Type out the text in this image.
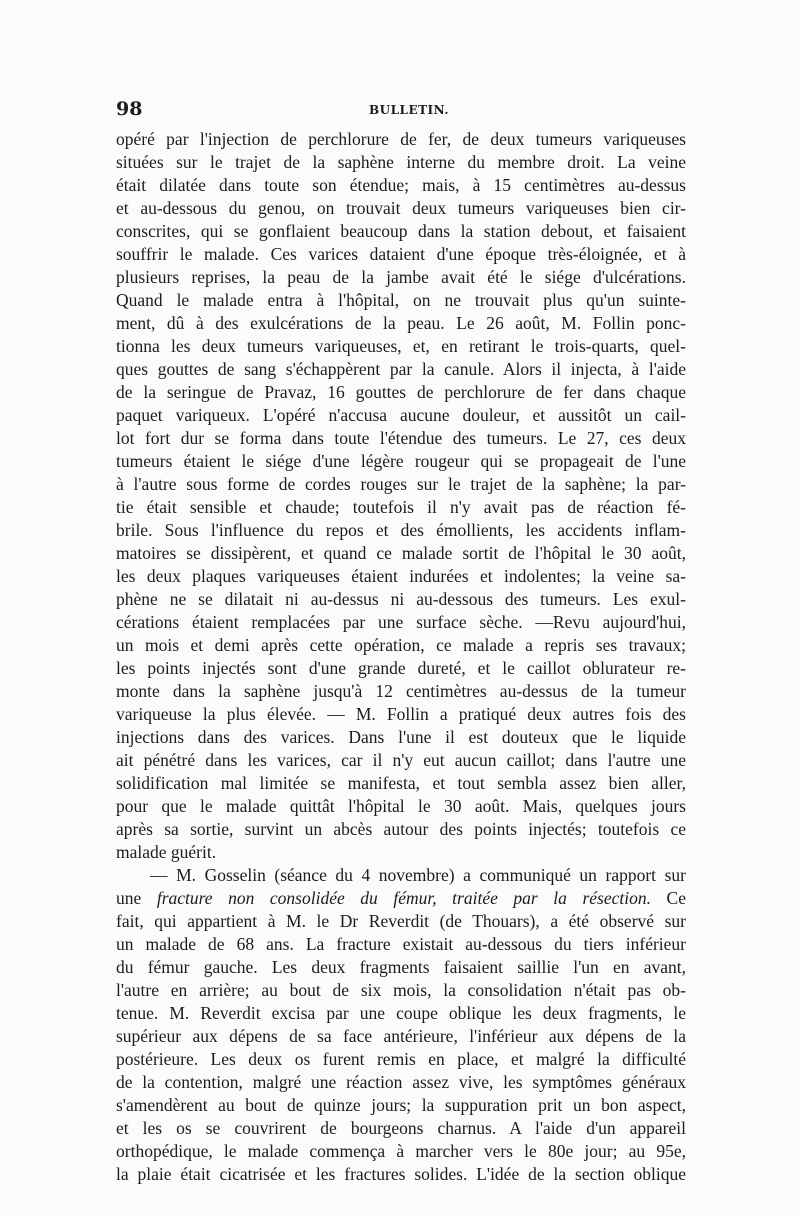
98	BULLETIN.
opéré par l'injection de perchlorure de fer, de deux tumeurs variqueuses
situées sur le trajet de la saphène interne du membre droit. La veine
était dilatée dans toute son étendue; mais, à 15 centimètres au-dessus
et au-dessous du genou, on trouvait deux tumeurs variqueuses bien cir-
conscrites, qui se gonflaient beaucoup dans la station debout, et faisaient
souffrir le malade. Ces varices dataient d'une époque très-éloignée, et à
plusieurs reprises, la peau de la jambe avait été le siége d'ulcérations.
Quand le malade entra à l'hôpital, on ne trouvait plus qu'un suinte-
ment, dû à des exulcérations de la peau. Le 26 août, M. Follin ponc-
tionna les deux tumeurs variqueuses, et, en retirant le trois-quarts, quel-
ques gouttes de sang s'échappèrent par la canule. Alors il injecta, à l'aide
de la seringue de Pravaz, 16 gouttes de perchlorure de fer dans chaque
paquet variqueux. L'opéré n'accusa aucune douleur, et aussitôt un cail-
lot fort dur se forma dans toute l'étendue des tumeurs. Le 27, ces deux
tumeurs étaient le siége d'une légère rougeur qui se propageait de l'une
à l'autre sous forme de cordes rouges sur le trajet de la saphène; la par-
tie était sensible et chaude; toutefois il n'y avait pas de réaction fé-
brile. Sous l'influence du repos et des émollients, les accidents inflam-
matoires se dissipèrent, et quand ce malade sortit de l'hôpital le 30 août,
les deux plaques variqueuses étaient indurées et indolentes; la veine sa-
phène ne se dilatait ni au-dessus ni au-dessous des tumeurs. Les exul-
cérations étaient remplacées par une surface sèche. —Revu aujourd'hui,
un mois et demi après cette opération, ce malade a repris ses travaux;
les points injectés sont d'une grande dureté, et le caillot oblurateur re-
monte dans la saphène jusqu'à 12 centimètres au-dessus de la tumeur
variqueuse la plus élevée. — M. Follin a pratiqué deux autres fois des
injections dans des varices. Dans l'une il est douteux que le liquide
ait pénétré dans les varices, car il n'y eut aucun caillot; dans l'autre une
solidification mal limitée se manifesta, et tout sembla assez bien aller,
pour que le malade quittât l'hôpital le 30 août. Mais, quelques jours
après sa sortie, survint un abcès autour des points injectés; toutefois ce
malade guérit.
— M. Gosselin (séance du 4 novembre) a communiqué un rapport sur
une fracture non consolidée du fémur, traitée par la résection. Ce
fait, qui appartient à M. le Dr Reverdit (de Thouars), a été observé sur
un malade de 68 ans. La fracture existait au-dessous du tiers inférieur
du fémur gauche. Les deux fragments faisaient saillie l'un en avant,
l'autre en arrière; au bout de six mois, la consolidation n'était pas ob-
tenue. M. Reverdit excisa par une coupe oblique les deux fragments, le
supérieur aux dépens de sa face antérieure, l'inférieur aux dépens de la
postérieure. Les deux os furent remis en place, et malgré la difficulté
de la contention, malgré une réaction assez vive, les symptômes généraux
s'amendèrent au bout de quinze jours; la suppuration prit un bon aspect,
et les os se couvrirent de bourgeons charnus. A l'aide d'un appareil
orthopédique, le malade commença à marcher vers le 80e jour; au 95e,
la plaie était cicatrisée et les fractures solides. L'idée de la section oblique
